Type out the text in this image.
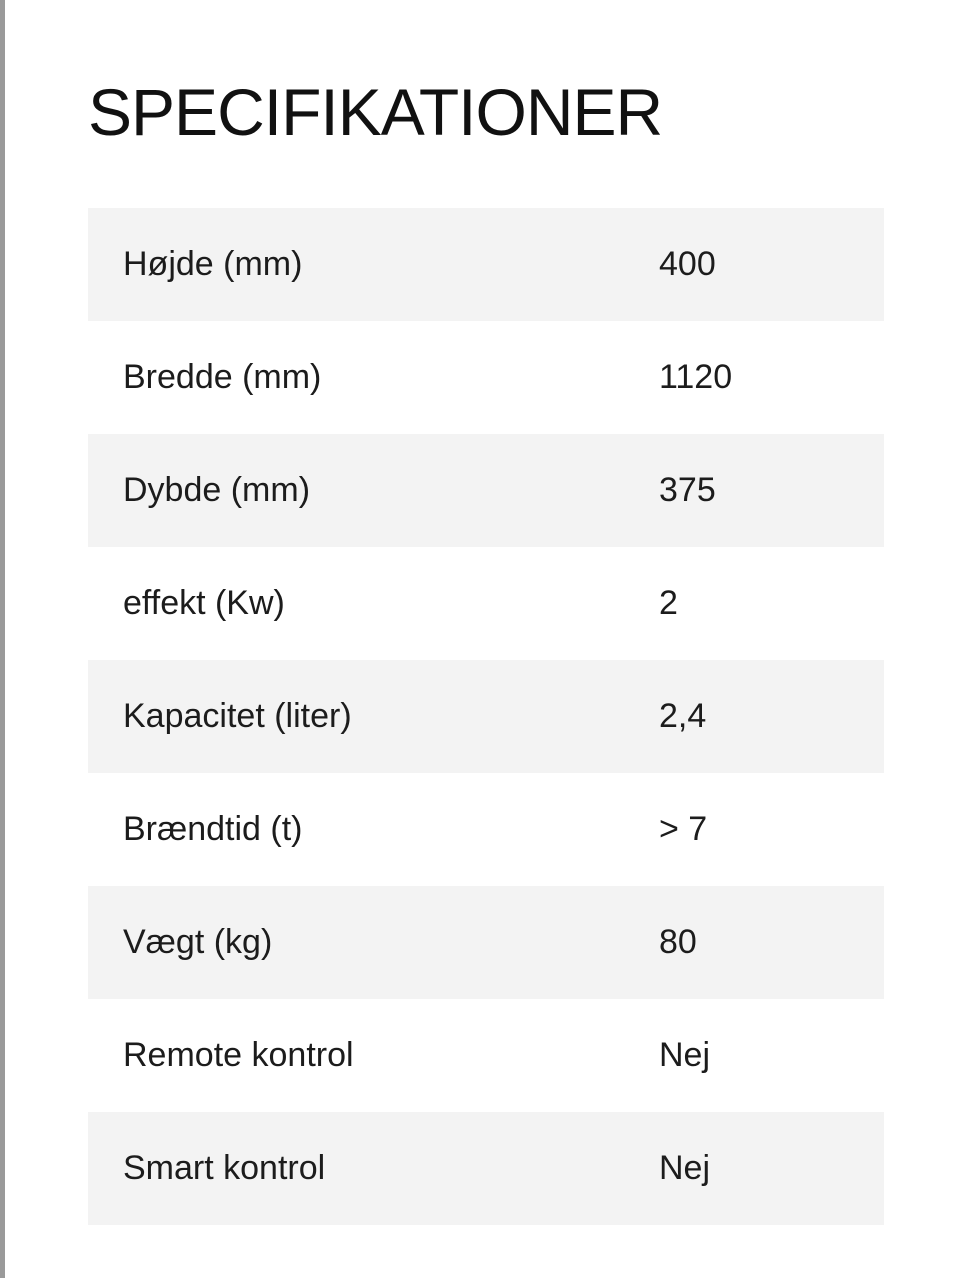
SPECIFIKATIONER
Højde (mm)	400
Bredde (mm)	1120
Dybde (mm)	375
effekt (Kw)	2
Kapacitet (liter)	2,4
Brændtid (t)	> 7
Vægt (kg)	80
Remote kontrol	Nej
Smart kontrol	Nej
